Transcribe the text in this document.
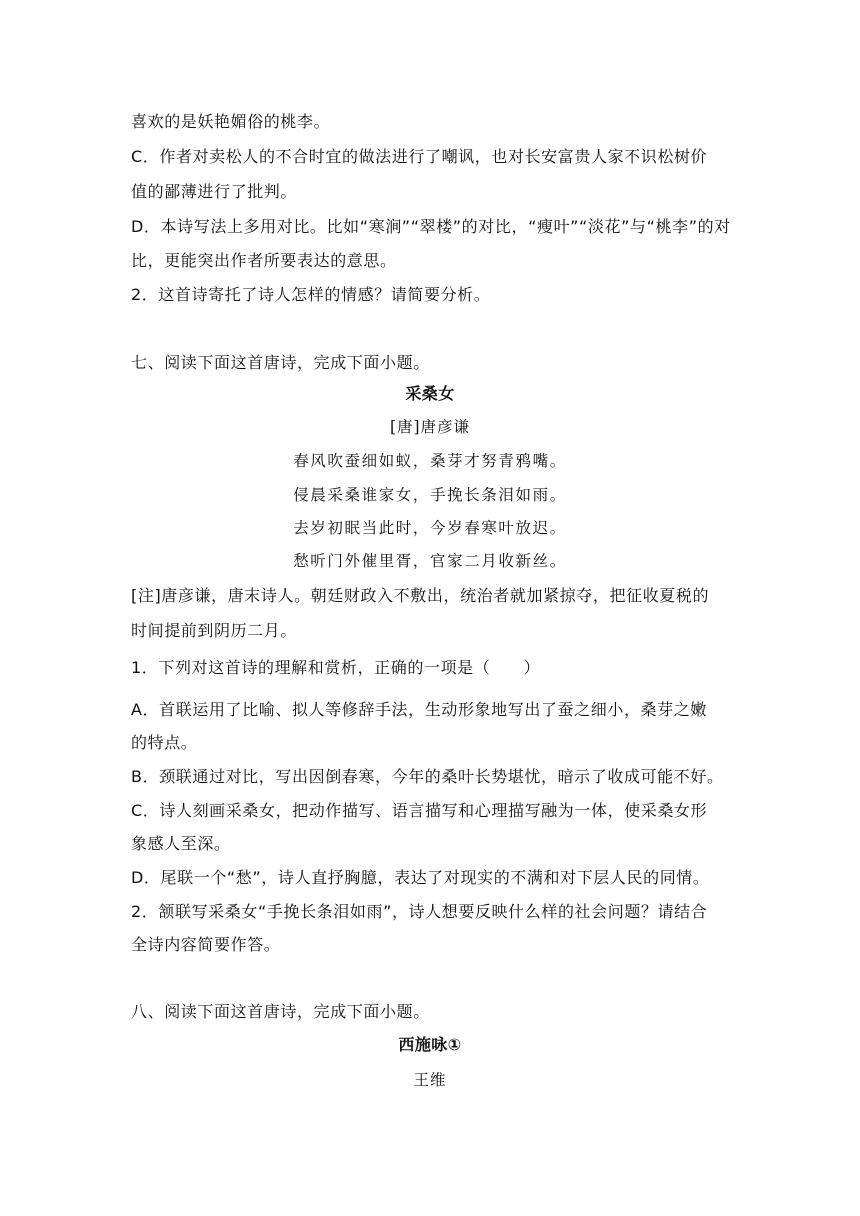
喜欢的是妖艳媚俗的桃李。
C．作者对卖松人的不合时宜的做法进行了嘲讽，也对长安富贵人家不识松树价
值的鄙薄进行了批判。
D．本诗写法上多用对比。比如“寒涧”“翠楼”的对比，“瘦叶”“淡花”与“桃李”的对
比，更能突出作者所要表达的意思。
2．这首诗寄托了诗人怎样的情感？请简要分析。
七、阅读下面这首唐诗，完成下面小题。
采桑女
[唐]唐彦谦
春风吹蚕细如蚁，桑芽才努青鸦嘴。
侵晨采桑谁家女，手挽长条泪如雨。
去岁初眠当此时，今岁春寒叶放迟。
愁听门外催里胥，官家二月收新丝。
[注]唐彦谦，唐末诗人。朝廷财政入不敷出，统治者就加紧掠夺，把征收夏税的
时间提前到阴历二月。
1．下列对这首诗的理解和赏析，正确的一项是（　　）
A．首联运用了比喻、拟人等修辞手法，生动形象地写出了蚕之细小，桑芽之嫩
的特点。
B．颈联通过对比，写出因倒春寒，今年的桑叶长势堪忧，暗示了收成可能不好。
C．诗人刻画采桑女，把动作描写、语言描写和心理描写融为一体，使采桑女形
象感人至深。
D．尾联一个“愁”，诗人直抒胸臆，表达了对现实的不满和对下层人民的同情。
2．颔联写采桑女“手挽长条泪如雨”，诗人想要反映什么样的社会问题？请结合
全诗内容简要作答。
八、阅读下面这首唐诗，完成下面小题。
西施咏①
王维
